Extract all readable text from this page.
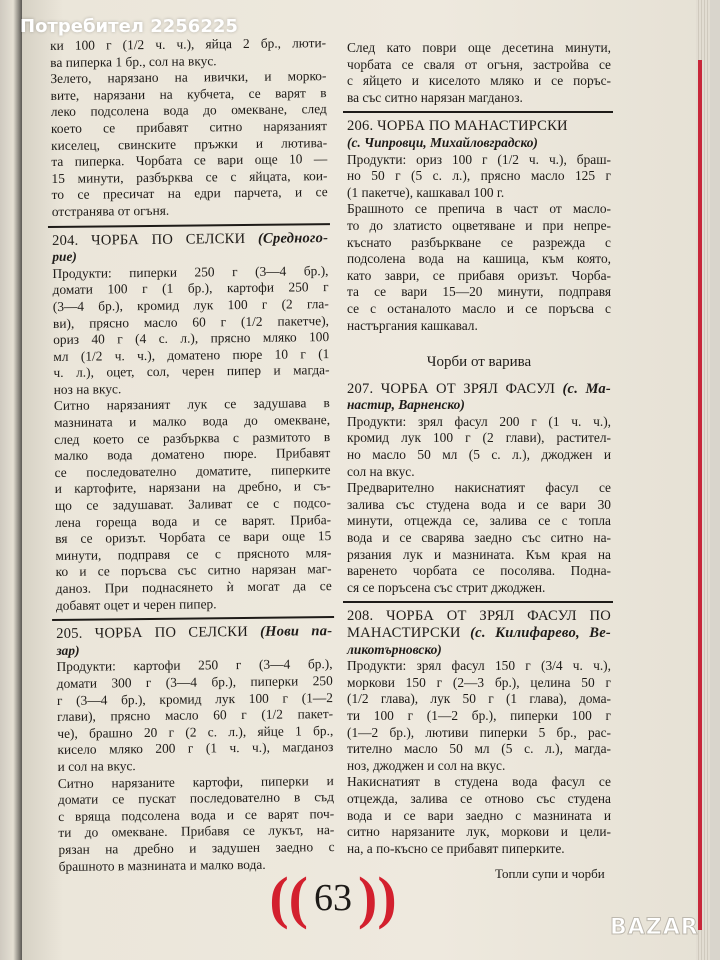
ки 100 г (1/2 ч. ч.), яйца 2 бр., люти-
ва пиперка 1 бр., сол на вкус.
Зелето, нарязано на ивички, и морко-
вите, нарязани на кубчета, се варят в
леко подсолена вода до омекване, след
което се прибавят ситно нарязаният
киселец, свинските пръжки и лютива-
та пиперка. Чорбата се вари още 10 —
15 минути, разбърква се с яйцата, кои-
то се пресичат на едри парчета, и се
отстранява от огъня.
204. ЧОРБА ПО СЕЛСКИ (Средного-
рие)
Продукти: пиперки 250 г (3—4 бр.),
домати 100 г (1 бр.), картофи 250 г
(3—4 бр.), кромид лук 100 г (2 гла-
ви), прясно масло 60 г (1/2 пакетче),
ориз 40 г (4 с. л.), прясно мляко 100
мл (1/2 ч. ч.), доматено пюре 10 г (1
ч. л.), оцет, сол, черен пипер и магда-
ноз на вкус.
Ситно нарязаният лук се задушава в
мазнината и малко вода до омекване,
след което се разбърква с размитото в
малко вода доматено пюре. Прибавят
се последователно доматите, пиперките
и картофите, нарязани на дребно, и съ-
що се задушават. Заливат се с подсо-
лена гореща вода и се варят. Приба-
вя се оризът. Чорбата се вари още 15
минути, подправя се с прясното мля-
ко и се поръсва със ситно нарязан маг-
даноз. При поднасянето ѝ могат да се
добавят оцет и черен пипер.
205. ЧОРБА ПО СЕЛСКИ (Нови па-
зар)
Продукти: картофи 250 г (3—4 бр.),
домати 300 г (3—4 бр.), пиперки 250
г (3—4 бр.), кромид лук 100 г (1—2
глави), прясно масло 60 г (1/2 пакет-
че), брашно 20 г (2 с. л.), яйце 1 бр.,
кисело мляко 200 г (1 ч. ч.), магданоз
и сол на вкус.
Ситно нарязаните картофи, пиперки и
домати се пускат последователно в съд
с вряща подсолена вода и се варят поч-
ти до омекване. Прибавя се лукът, на-
рязан на дребно и задушен заедно с
брашното в мазнината и малко вода.
След като поври още десетина минути,
чорбата се сваля от огъня, застройва се
с яйцето и киселото мляко и се поръс-
ва със ситно нарязан магданоз.
206. ЧОРБА ПО МАНАСТИРСКИ
(с. Чипровци, Михайловградско)
Продукти: ориз 100 г (1/2 ч. ч.), браш-
но 50 г (5 с. л.), прясно масло 125 г
(1 пакетче), кашкавал 100 г.
Брашното се препича в част от масло-
то до златисто оцветяване и при непре-
къснато разбъркване се разрежда с
подсолена вода на кашица, към която,
като заври, се прибавя оризът. Чорба-
та се вари 15—20 минути, подправя
се с останалото масло и се поръсва с
настъргания кашкавал.
Чорби от варива
207. ЧОРБА ОТ ЗРЯЛ ФАСУЛ (с. Ма-
настир, Варненско)
Продукти: зрял фасул 200 г (1 ч. ч.),
кромид лук 100 г (2 глави), растител-
но масло 50 мл (5 с. л.), джоджен и
сол на вкус.
Предварително накиснатият фасул се
залива със студена вода и се вари 30
минути, отцежда се, залива се с топла
вода и се сварява заедно със ситно на-
рязания лук и мазнината. Към края на
варенето чорбата се посолява. Подна-
ся се поръсена със стрит джоджен.
208. ЧОРБА ОТ ЗРЯЛ ФАСУЛ ПО
МАНАСТИРСКИ (с. Килифарево, Ве-
ликотърновско)
Продукти: зрял фасул 150 г (3/4 ч. ч.),
моркови 150 г (2—3 бр.), целина 50 г
(1/2 глава), лук 50 г (1 глава), дома-
ти 100 г (1—2 бр.), пиперки 100 г
(1—2 бр.), лютиви пиперки 5 бр., рас-
тително масло 50 мл (5 с. л.), магда-
ноз, джоджен и сол на вкус.
Накиснатият в студена вода фасул се
отцежда, залива се отново със студена
вода и се вари заедно с мазнината и
ситно нарязаните лук, моркови и цели-
на, а по-късно се прибавят пиперките.
Топли супи и чорби
(( 63 ))
Потребител 2256225
BAZAR
